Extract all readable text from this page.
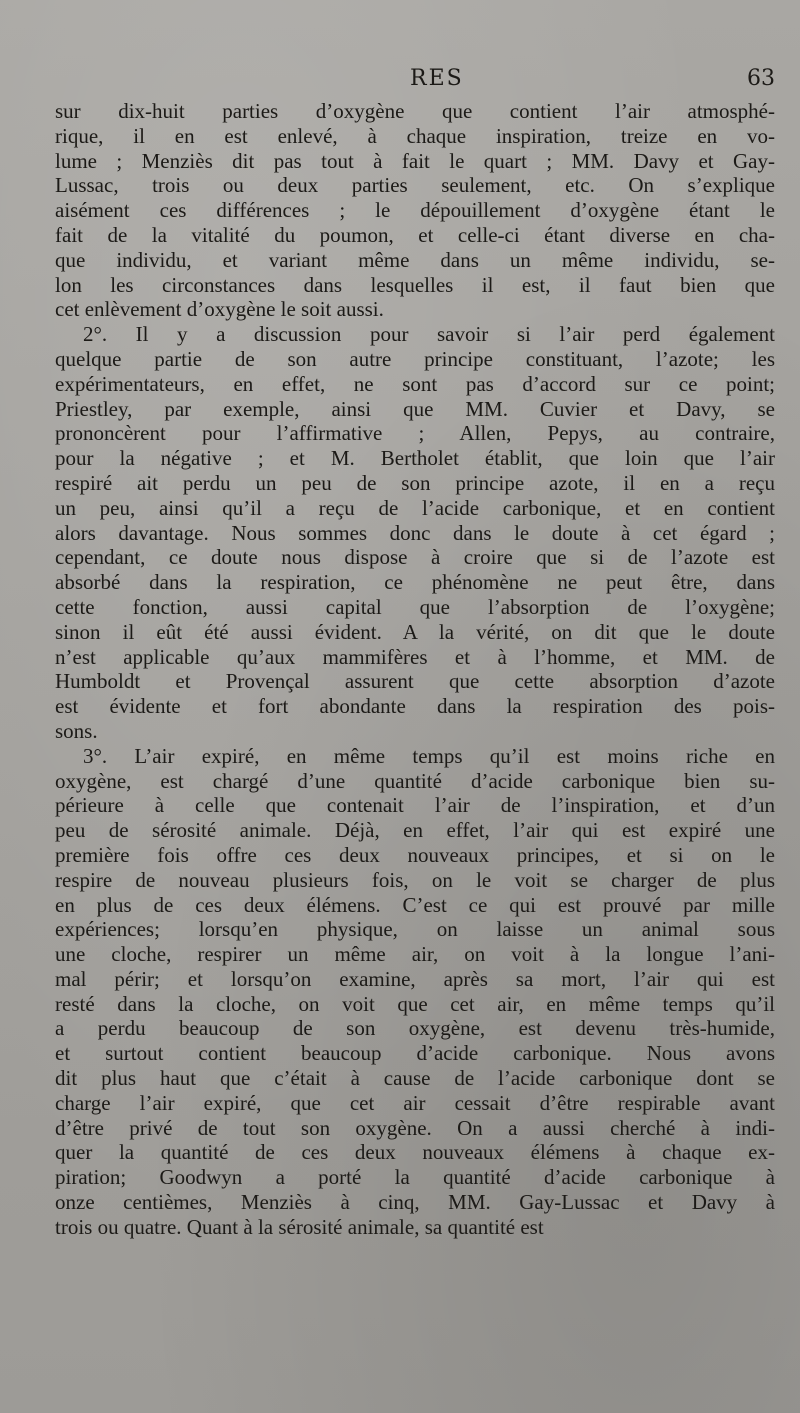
RES	63
sur dix-huit parties d’oxygène que contient l’air atmosphé-
rique, il en est enlevé, à chaque inspiration, treize en vo-
lume ; Menziès dit pas tout à fait le quart ; MM. Davy et Gay-
Lussac, trois ou deux parties seulement, etc. On s’explique
aisément ces différences ; le dépouillement d’oxygène étant le
fait de la vitalité du poumon, et celle-ci étant diverse en cha-
que individu, et variant même dans un même individu, se-
lon les circonstances dans lesquelles il est, il faut bien que
cet enlèvement d’oxygène le soit aussi.
2°. Il y a discussion pour savoir si l’air perd également
quelque partie de son autre principe constituant, l’azote; les
expérimentateurs, en effet, ne sont pas d’accord sur ce point;
Priestley, par exemple, ainsi que MM. Cuvier et Davy, se
prononcèrent pour l’affirmative ; Allen, Pepys, au contraire,
pour la négative ; et M. Bertholet établit, que loin que l’air
respiré ait perdu un peu de son principe azote, il en a reçu
un peu, ainsi qu’il a reçu de l’acide carbonique, et en contient
alors davantage. Nous sommes donc dans le doute à cet égard ;
cependant, ce doute nous dispose à croire que si de l’azote est
absorbé dans la respiration, ce phénomène ne peut être, dans
cette fonction, aussi capital que l’absorption de l’oxygène;
sinon il eût été aussi évident. A la vérité, on dit que le doute
n’est applicable qu’aux mammifères et à l’homme, et MM. de
Humboldt et Provençal assurent que cette absorption d’azote
est évidente et fort abondante dans la respiration des pois-
sons.
3°. L’air expiré, en même temps qu’il est moins riche en
oxygène, est chargé d’une quantité d’acide carbonique bien su-
périeure à celle que contenait l’air de l’inspiration, et d’un
peu de sérosité animale. Déjà, en effet, l’air qui est expiré une
première fois offre ces deux nouveaux principes, et si on le
respire de nouveau plusieurs fois, on le voit se charger de plus
en plus de ces deux élémens. C’est ce qui est prouvé par mille
expériences; lorsqu’en physique, on laisse un animal sous
une cloche, respirer un même air, on voit à la longue l’ani-
mal périr; et lorsqu’on examine, après sa mort, l’air qui est
resté dans la cloche, on voit que cet air, en même temps qu’il
a perdu beaucoup de son oxygène, est devenu très-humide,
et surtout contient beaucoup d’acide carbonique. Nous avons
dit plus haut que c’était à cause de l’acide carbonique dont se
charge l’air expiré, que cet air cessait d’être respirable avant
d’être privé de tout son oxygène. On a aussi cherché à indi-
quer la quantité de ces deux nouveaux élémens à chaque ex-
piration; Goodwyn a porté la quantité d’acide carbonique à
onze centièmes, Menziès à cinq, MM. Gay-Lussac et Davy à
trois ou quatre. Quant à la sérosité animale, sa quantité est
